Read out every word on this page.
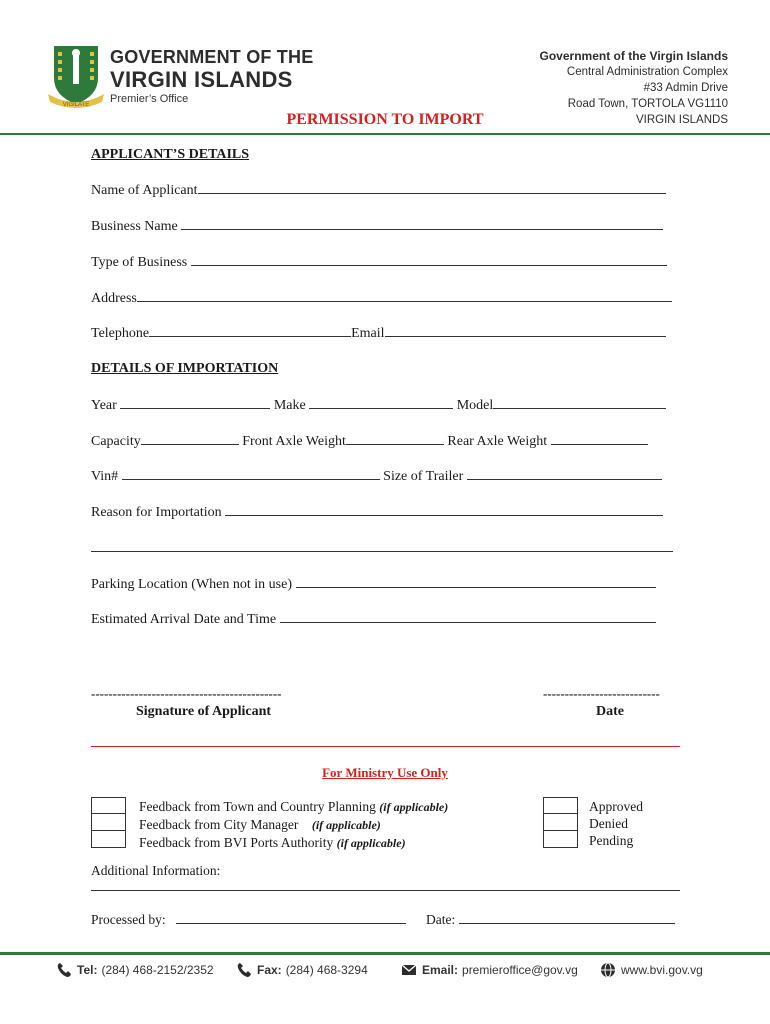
VIGILATE
GOVERNMENT OF THE
VIRGIN ISLANDS
Premier’s Office
Government of the Virgin Islands
Central Administration Complex
#33 Admin Drive
Road Town, TORTOLA VG1110
VIRGIN ISLANDS
PERMISSION TO IMPORT
APPLICANT’S DETAILS
Name of Applicant
Business Name
Type of Business
Address
Telephone	Email
DETAILS OF IMPORTATION
Year	Make	Model
Capacity	Front Axle Weight	Rear Axle Weight
Vin#	Size of Trailer
Reason for Importation
Parking Location (When not in use)
Estimated Arrival Date and Time
--------------------------------------------	---------------------------
Signature of Applicant	Date
For Ministry Use Only
Feedback from Town and Country Planning (if applicable)
Feedback from City Manager (if applicable)
Feedback from BVI Ports Authority (if applicable)
Approved
Denied
Pending
Additional Information:
Processed by:	Date:
Tel: (284) 468-2152/2352	Fax: (284) 468-3294	Email: premieroffice@gov.vg	www.bvi.gov.vg
